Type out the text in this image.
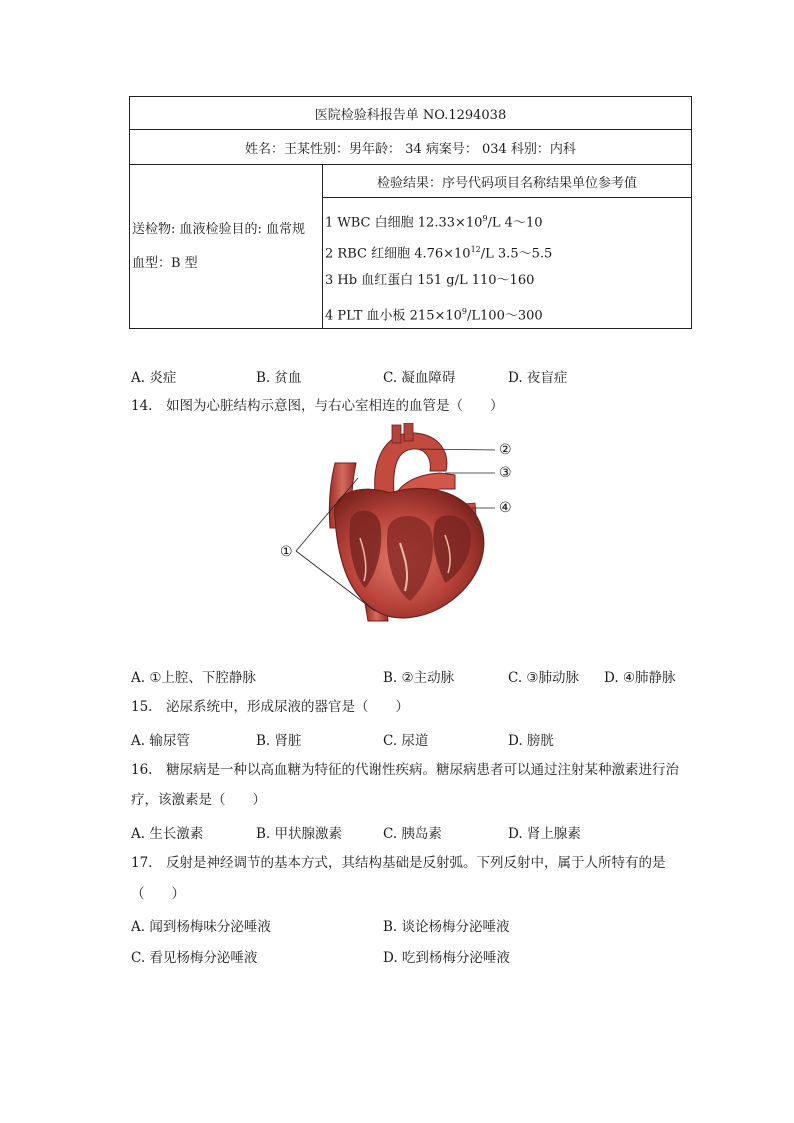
医院检验科报告单 NO.1294038
姓名：王某性别：男年龄： 34 病案号： 034 科别：内科

送检物: 血液检验目的: 血常规
血型：B 型
	检验结果：序号代码项目名称结果单位参考值

1 WBC 白细胞 $12.33\times 10^9/L$ 4～10
2 RBC 红细胞 $4.76\times 10^{12}/L$ 3.5～5.5
3 Hb 血红蛋白 151 g/L 110～160
4 PLT 血小板 $215\times 10^9/L100\sim 300$
A. 炎症	B. 贫血	C. 凝血障碍	D. 夜盲症
14.　如图为心脏结构示意图，与右心室相连的血管是（　　）
②
③
④
①
A. ①上腔、下腔静脉	B. ②主动脉	C. ③肺动脉 D. ④肺静脉
15.　泌尿系统中，形成尿液的器官是（　　）
A. 输尿管	B. 肾脏	C. 尿道	D. 膀胱
16.　糖尿病是一种以高血糖为特征的代谢性疾病。糖尿病患者可以通过注射某种激素进行治
疗，该激素是（　　）
A. 生长激素	B. 甲状腺激素	C. 胰岛素	D. 肾上腺素
17.　反射是神经调节的基本方式，其结构基础是反射弧。下列反射中，属于人所特有的是
（　　）
A. 闻到杨梅味分泌唾液	B. 谈论杨梅分泌唾液
C. 看见杨梅分泌唾液	D. 吃到杨梅分泌唾液
